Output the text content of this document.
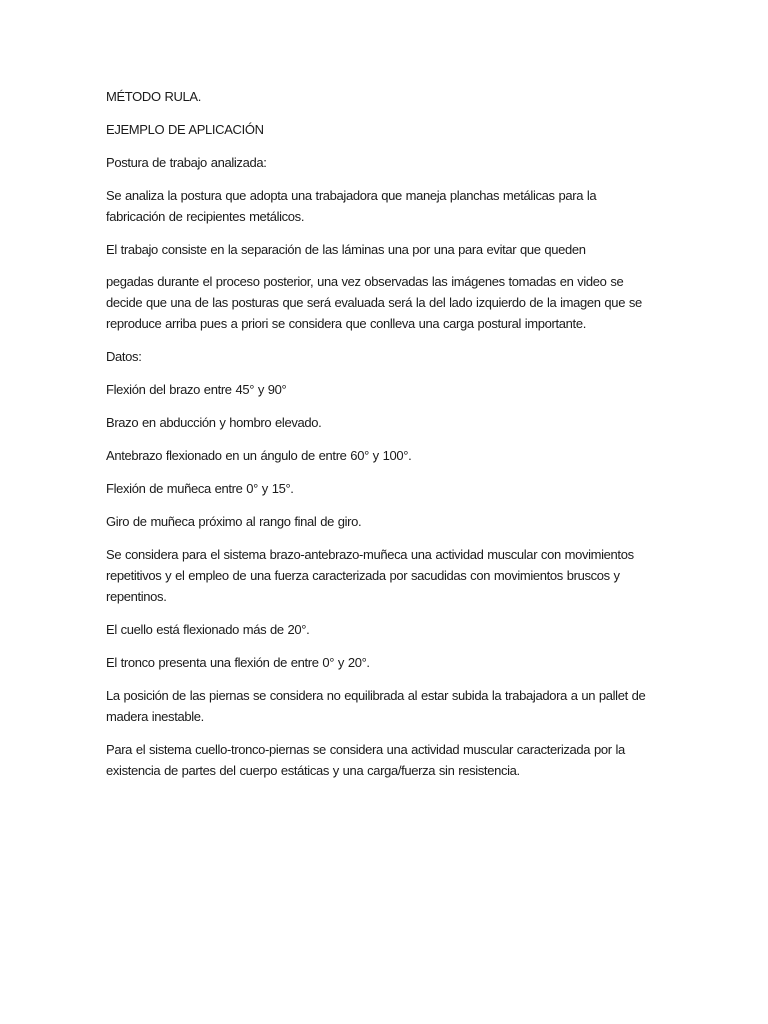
MÉTODO RULA.

EJEMPLO DE APLICACIÓN

Postura de trabajo analizada:

Se analiza la postura que adopta una trabajadora que maneja planchas metálicas para la fabricación de recipientes metálicos.

El trabajo consiste en la separación de las láminas una por una para evitar que queden

pegadas durante el proceso posterior, una vez observadas las imágenes tomadas en video se decide que una de las posturas que será evaluada será la del lado izquierdo de la imagen que se reproduce arriba pues a priori se considera que conlleva una carga postural importante.

Datos:

Flexión del brazo entre 45° y 90°

Brazo en abducción y hombro elevado.

Antebrazo flexionado en un ángulo de entre 60° y 100°.

Flexión de muñeca entre 0° y 15°.

Giro de muñeca próximo al rango final de giro.

Se considera para el sistema brazo-antebrazo-muñeca una actividad muscular con movimientos repetitivos y el empleo de una fuerza caracterizada por sacudidas con movimientos bruscos y repentinos.

El cuello está flexionado más de 20°.

El tronco presenta una flexión de entre 0° y 20°.

La posición de las piernas se considera no equilibrada al estar subida la trabajadora a un pallet de madera inestable.

Para el sistema cuello-tronco-piernas se considera una actividad muscular caracterizada por la existencia de partes del cuerpo estáticas y una carga/fuerza sin resistencia.
